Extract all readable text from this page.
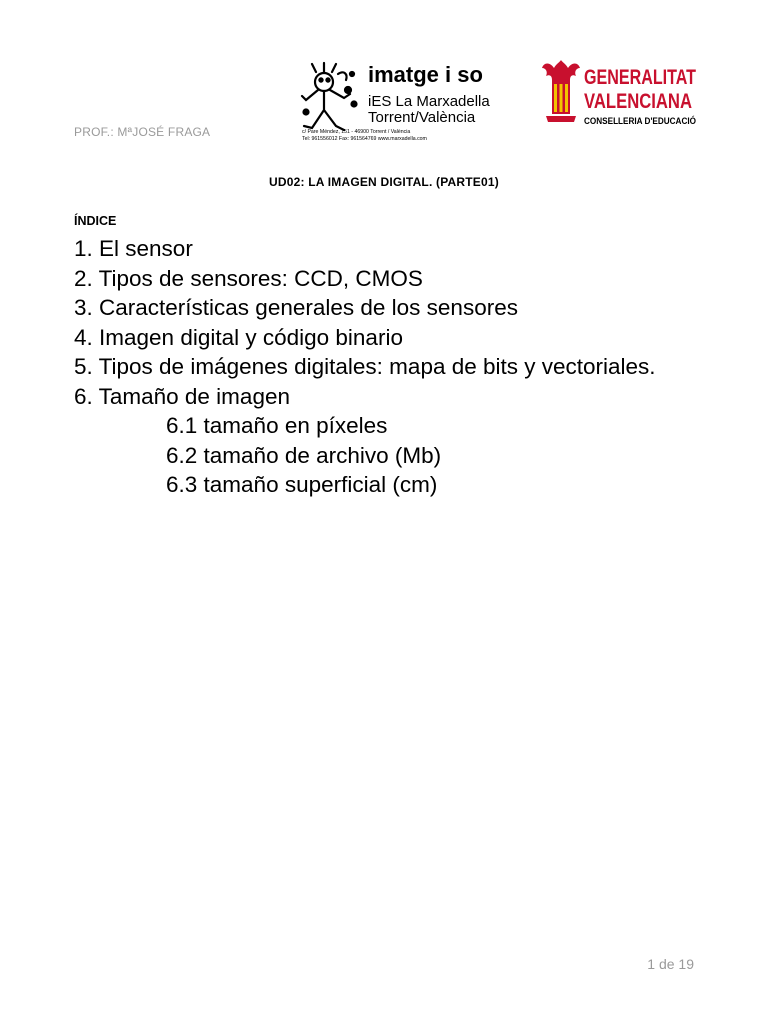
PROF.: MªJOSÉ FRAGA
imatge i so
iES La Marxadella
Torrent/València
c/ Pare Méndez, 151 - 46900 Torrent / València
Tel: 961556012 Fax: 961564769 www.marxadella.com
GENERALITAT
VALENCIANA
CONSELLERIA D'EDUCACIÓ
UD02: LA IMAGEN DIGITAL. (PARTE01)
ÍNDICE
1. El sensor
2. Tipos de sensores: CCD, CMOS
3. Características generales de los sensores
4. Imagen digital y código binario
5. Tipos de imágenes digitales: mapa de bits y vectoriales.
6. Tamaño de imagen
6.1 tamaño en píxeles
6.2 tamaño de archivo (Mb)
6.3 tamaño superficial (cm)
1 de 19
